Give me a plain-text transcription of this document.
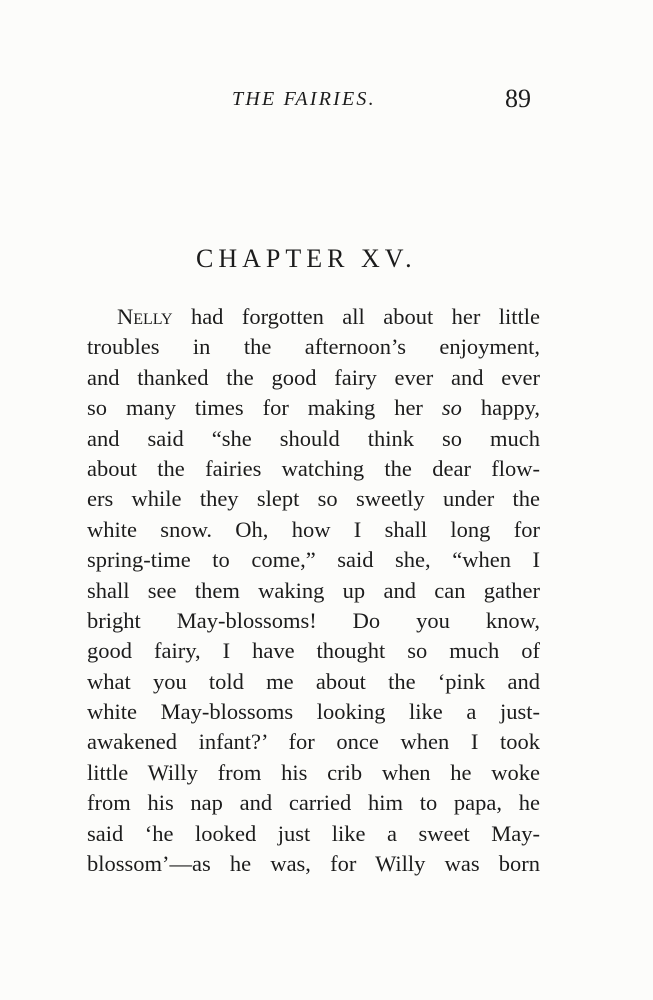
THE FAIRIES.	89
CHAPTER XV.
Nelly had forgotten all about her little
troubles in the afternoon’s enjoyment,
and thanked the good fairy ever and ever
so many times for making her so happy,
and said “she should think so much
about the fairies watching the dear flow-
ers while they slept so sweetly under the
white snow. Oh, how I shall long for
spring-time to come,” said she, “when I
shall see them waking up and can gather
bright May-blossoms! Do you know,
good fairy, I have thought so much of
what you told me about the ‘pink and
white May-blossoms looking like a just-
awakened infant?’ for once when I took
little Willy from his crib when he woke
from his nap and carried him to papa, he
said ‘he looked just like a sweet May-
blossom’—as he was, for Willy was born
